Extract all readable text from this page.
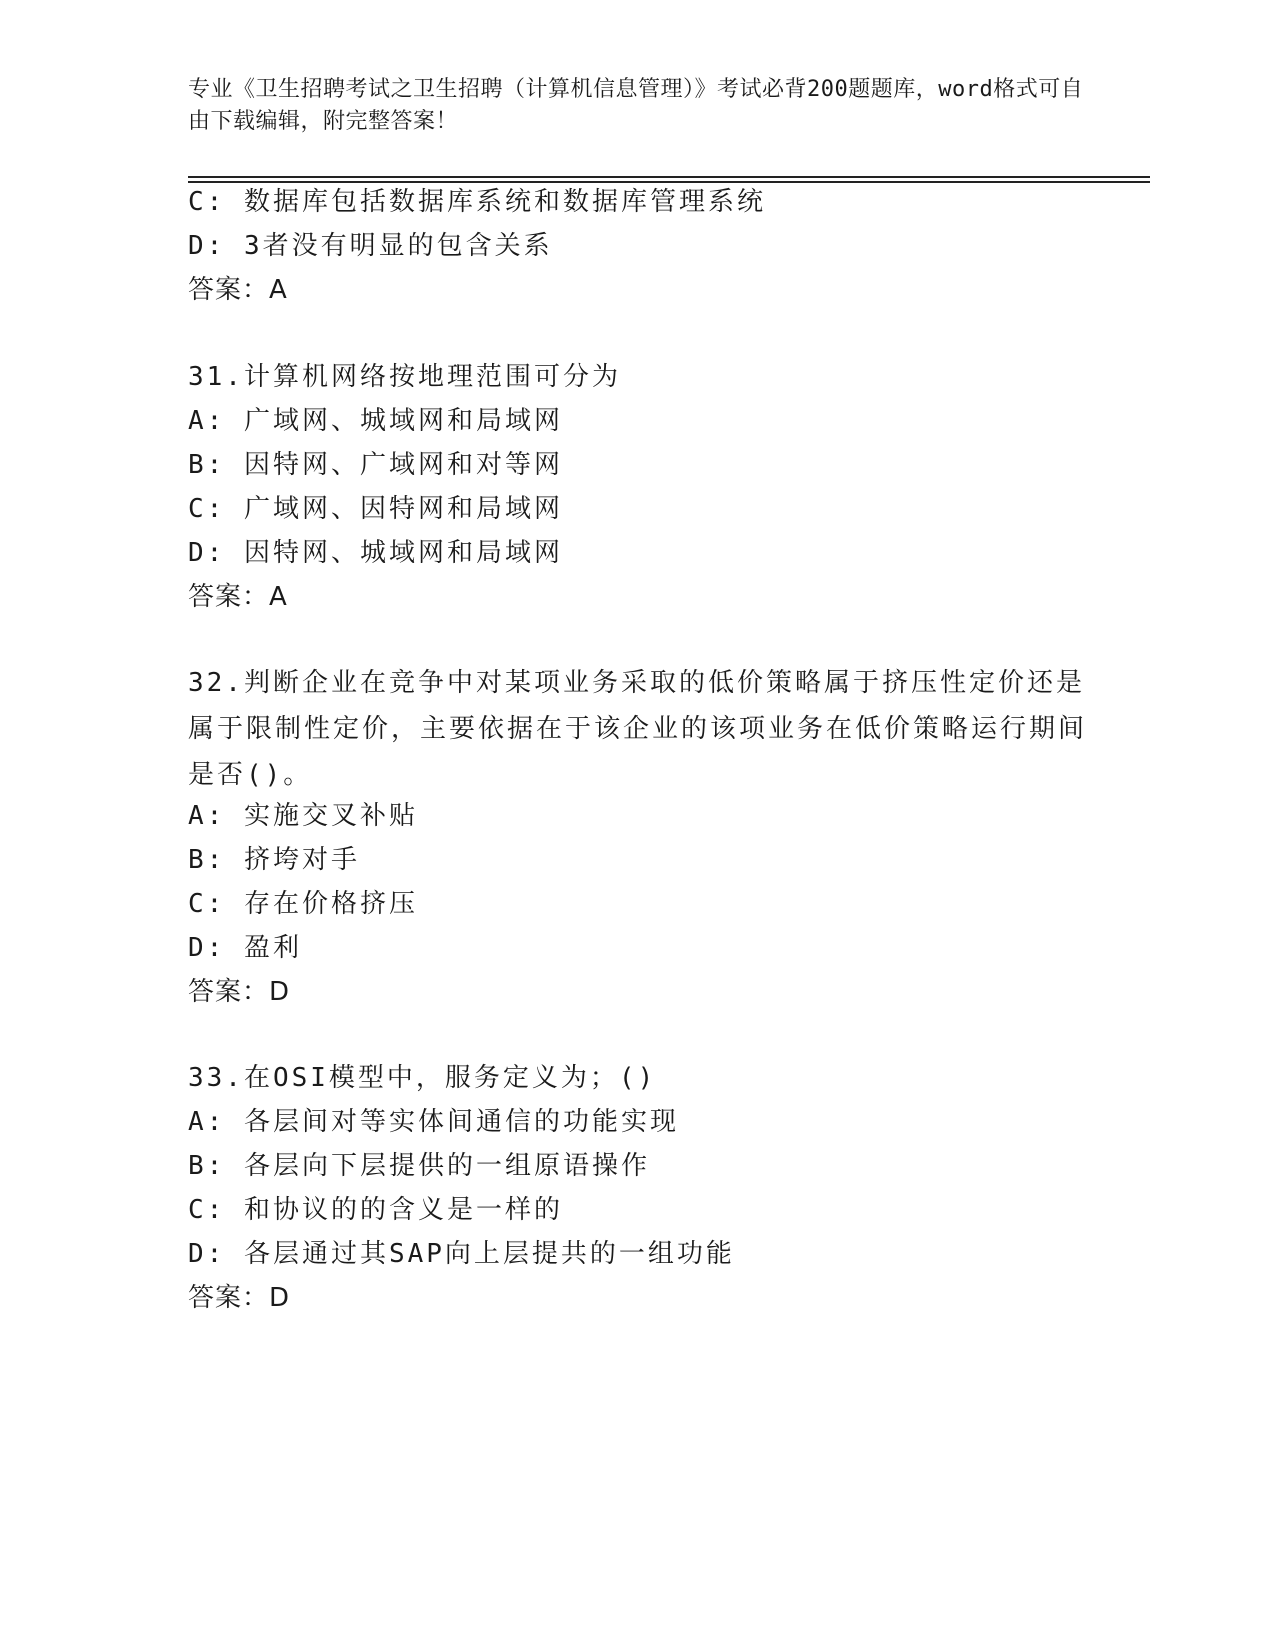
专业《卫生招聘考试之卫生招聘（计算机信息管理）》考试必背200题题库，word格式可自由下载编辑，附完整答案！
C: 数据库包括数据库系统和数据库管理系统
D: 3者没有明显的包含关系
答案：A
31.计算机网络按地理范围可分为
A: 广域网、城域网和局域网
B: 因特网、广域网和对等网
C: 广域网、因特网和局域网
D: 因特网、城域网和局域网
答案：A
32.判断企业在竞争中对某项业务采取的低价策略属于挤压性定价还是属于限制性定价，主要依据在于该企业的该项业务在低价策略运行期间是否()。
A: 实施交叉补贴
B: 挤垮对手
C: 存在价格挤压
D: 盈利
答案：D
33.在OSI模型中，服务定义为；()
A: 各层间对等实体间通信的功能实现
B: 各层向下层提供的一组原语操作
C: 和协议的的含义是一样的
D: 各层通过其SAP向上层提共的一组功能
答案：D
